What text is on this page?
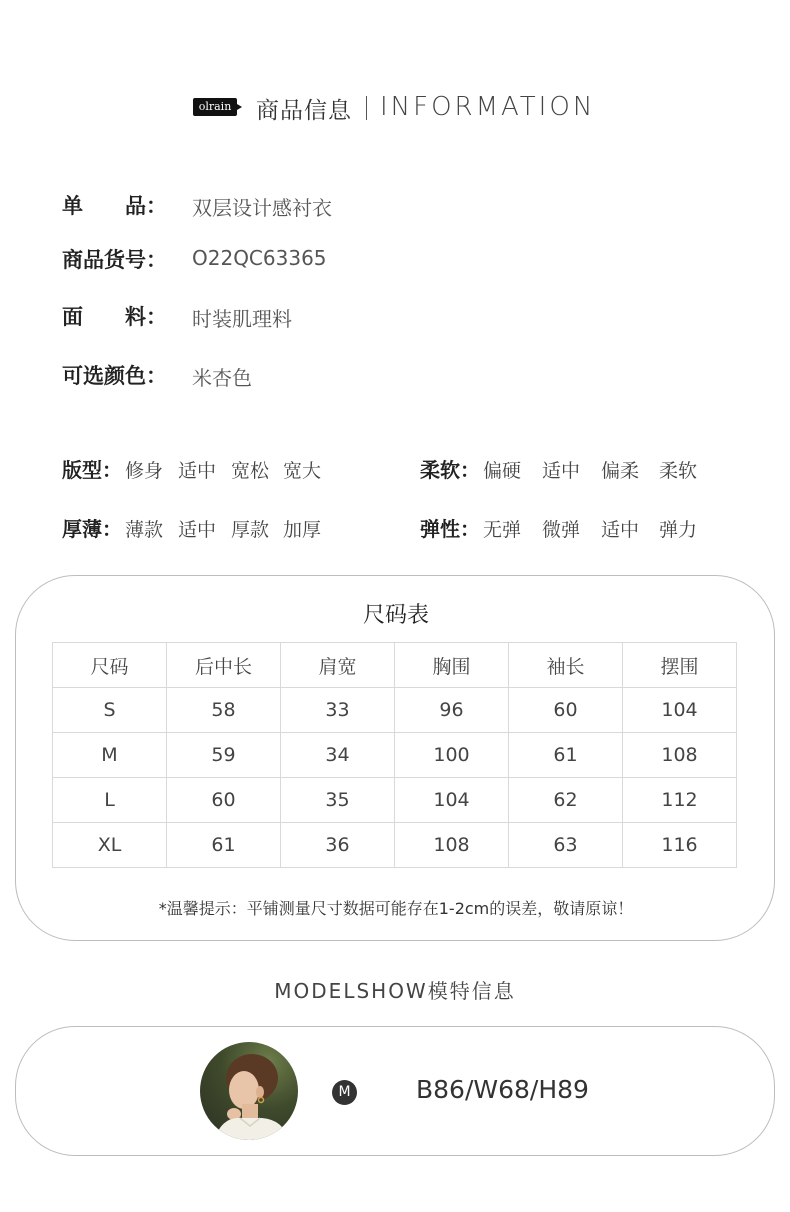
olrain 商品信息 INFORMATION
单　　品： 双层设计感衬衣
商品货号： O22QC63365
面　　料： 时装肌理料
可选颜色： 米杏色
版型： 修身 适中 宽松 宽大	柔软： 偏硬 适中 偏柔 柔软
厚薄： 薄款 适中 厚款 加厚	弹性： 无弹 微弹 适中 弹力
尺码表
尺码	后中长	肩宽	胸围	袖长	摆围
S	58	33	96	60	104
M	59	34	100	61	108
L	60	35	104	62	112
XL	61	36	108	63	116
*温馨提示：平铺测量尺寸数据可能存在1-2cm的误差，敬请原谅！
MODELSHOW模特信息
M	B86/W68/H89
